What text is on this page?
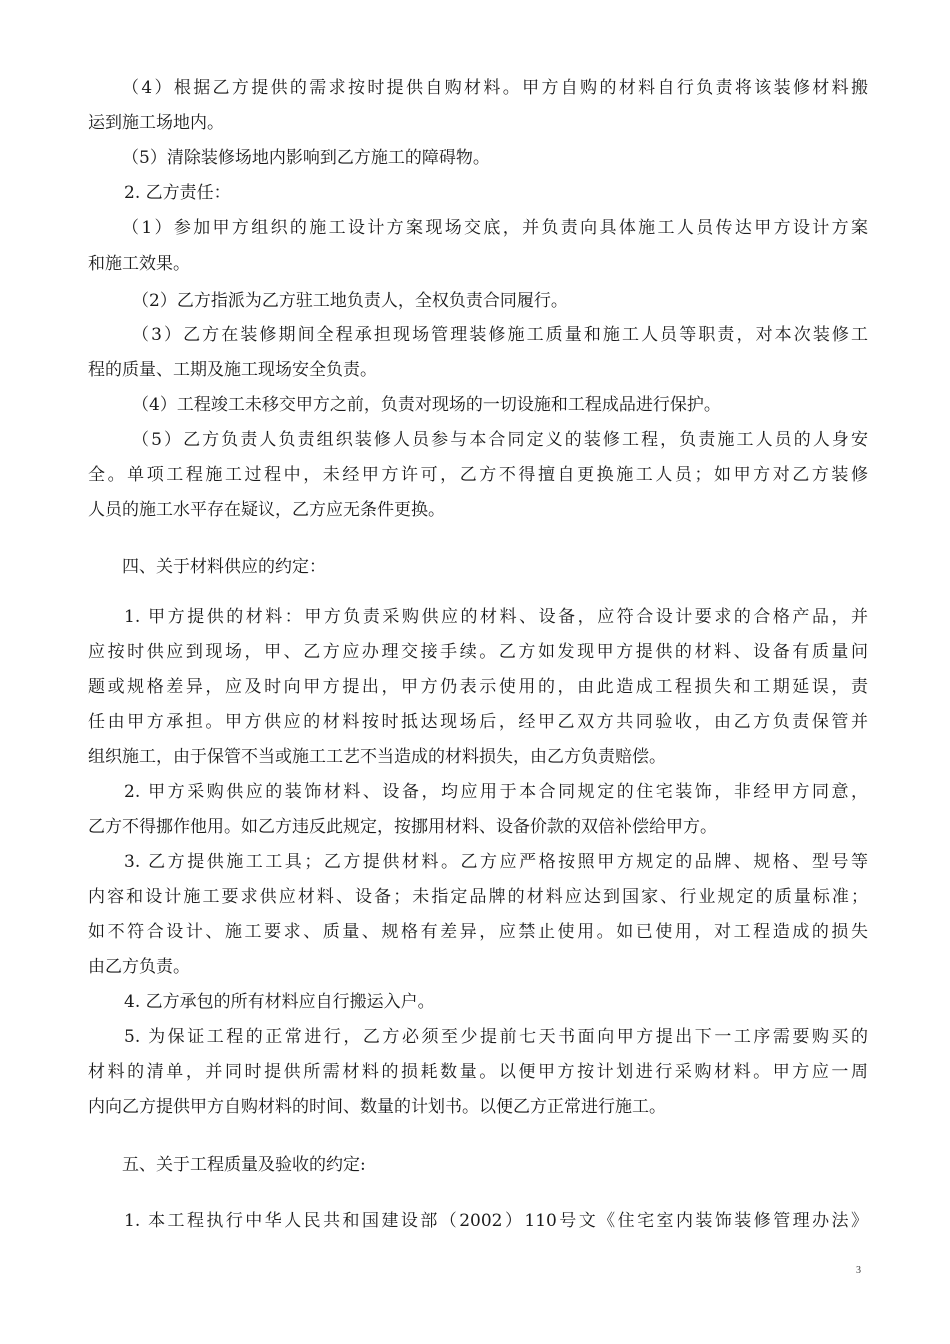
（4）根据乙方提供的需求按时提供自购材料。甲方自购的材料自行负责将该装修材料搬
运到施工场地内。
（5）清除装修场地内影响到乙方施工的障碍物。
2. 乙方责任：
（1）参加甲方组织的施工设计方案现场交底，并负责向具体施工人员传达甲方设计方案
和施工效果。
（2）乙方指派为乙方驻工地负责人，全权负责合同履行。
（3）乙方在装修期间全程承担现场管理装修施工质量和施工人员等职责，对本次装修工
程的质量、工期及施工现场安全负责。
（4）工程竣工未移交甲方之前，负责对现场的一切设施和工程成品进行保护。
（5）乙方负责人负责组织装修人员参与本合同定义的装修工程，负责施工人员的人身安
全。单项工程施工过程中，未经甲方许可，乙方不得擅自更换施工人员；如甲方对乙方装修
人员的施工水平存在疑议，乙方应无条件更换。
四、关于材料供应的约定：
1. 甲方提供的材料：甲方负责采购供应的材料、设备，应符合设计要求的合格产品，并
应按时供应到现场，甲、乙方应办理交接手续。乙方如发现甲方提供的材料、设备有质量问
题或规格差异，应及时向甲方提出，甲方仍表示使用的，由此造成工程损失和工期延误，责
任由甲方承担。甲方供应的材料按时抵达现场后，经甲乙双方共同验收，由乙方负责保管并
组织施工，由于保管不当或施工工艺不当造成的材料损失，由乙方负责赔偿。
2. 甲方采购供应的装饰材料、设备，均应用于本合同规定的住宅装饰，非经甲方同意，
乙方不得挪作他用。如乙方违反此规定，按挪用材料、设备价款的双倍补偿给甲方。
3. 乙方提供施工工具；乙方提供材料。乙方应严格按照甲方规定的品牌、规格、型号等
内容和设计施工要求供应材料、设备；未指定品牌的材料应达到国家、行业规定的质量标准；
如不符合设计、施工要求、质量、规格有差异，应禁止使用。如已使用，对工程造成的损失
由乙方负责。
4. 乙方承包的所有材料应自行搬运入户。
5. 为保证工程的正常进行，乙方必须至少提前七天书面向甲方提出下一工序需要购买的
材料的清单，并同时提供所需材料的损耗数量。以便甲方按计划进行采购材料。甲方应一周
内向乙方提供甲方自购材料的时间、数量的计划书。以便乙方正常进行施工。
五、关于工程质量及验收的约定:
1. 本工程执行中华人民共和国建设部（2002）110号文《住宅室内装饰装修管理办法》
3
